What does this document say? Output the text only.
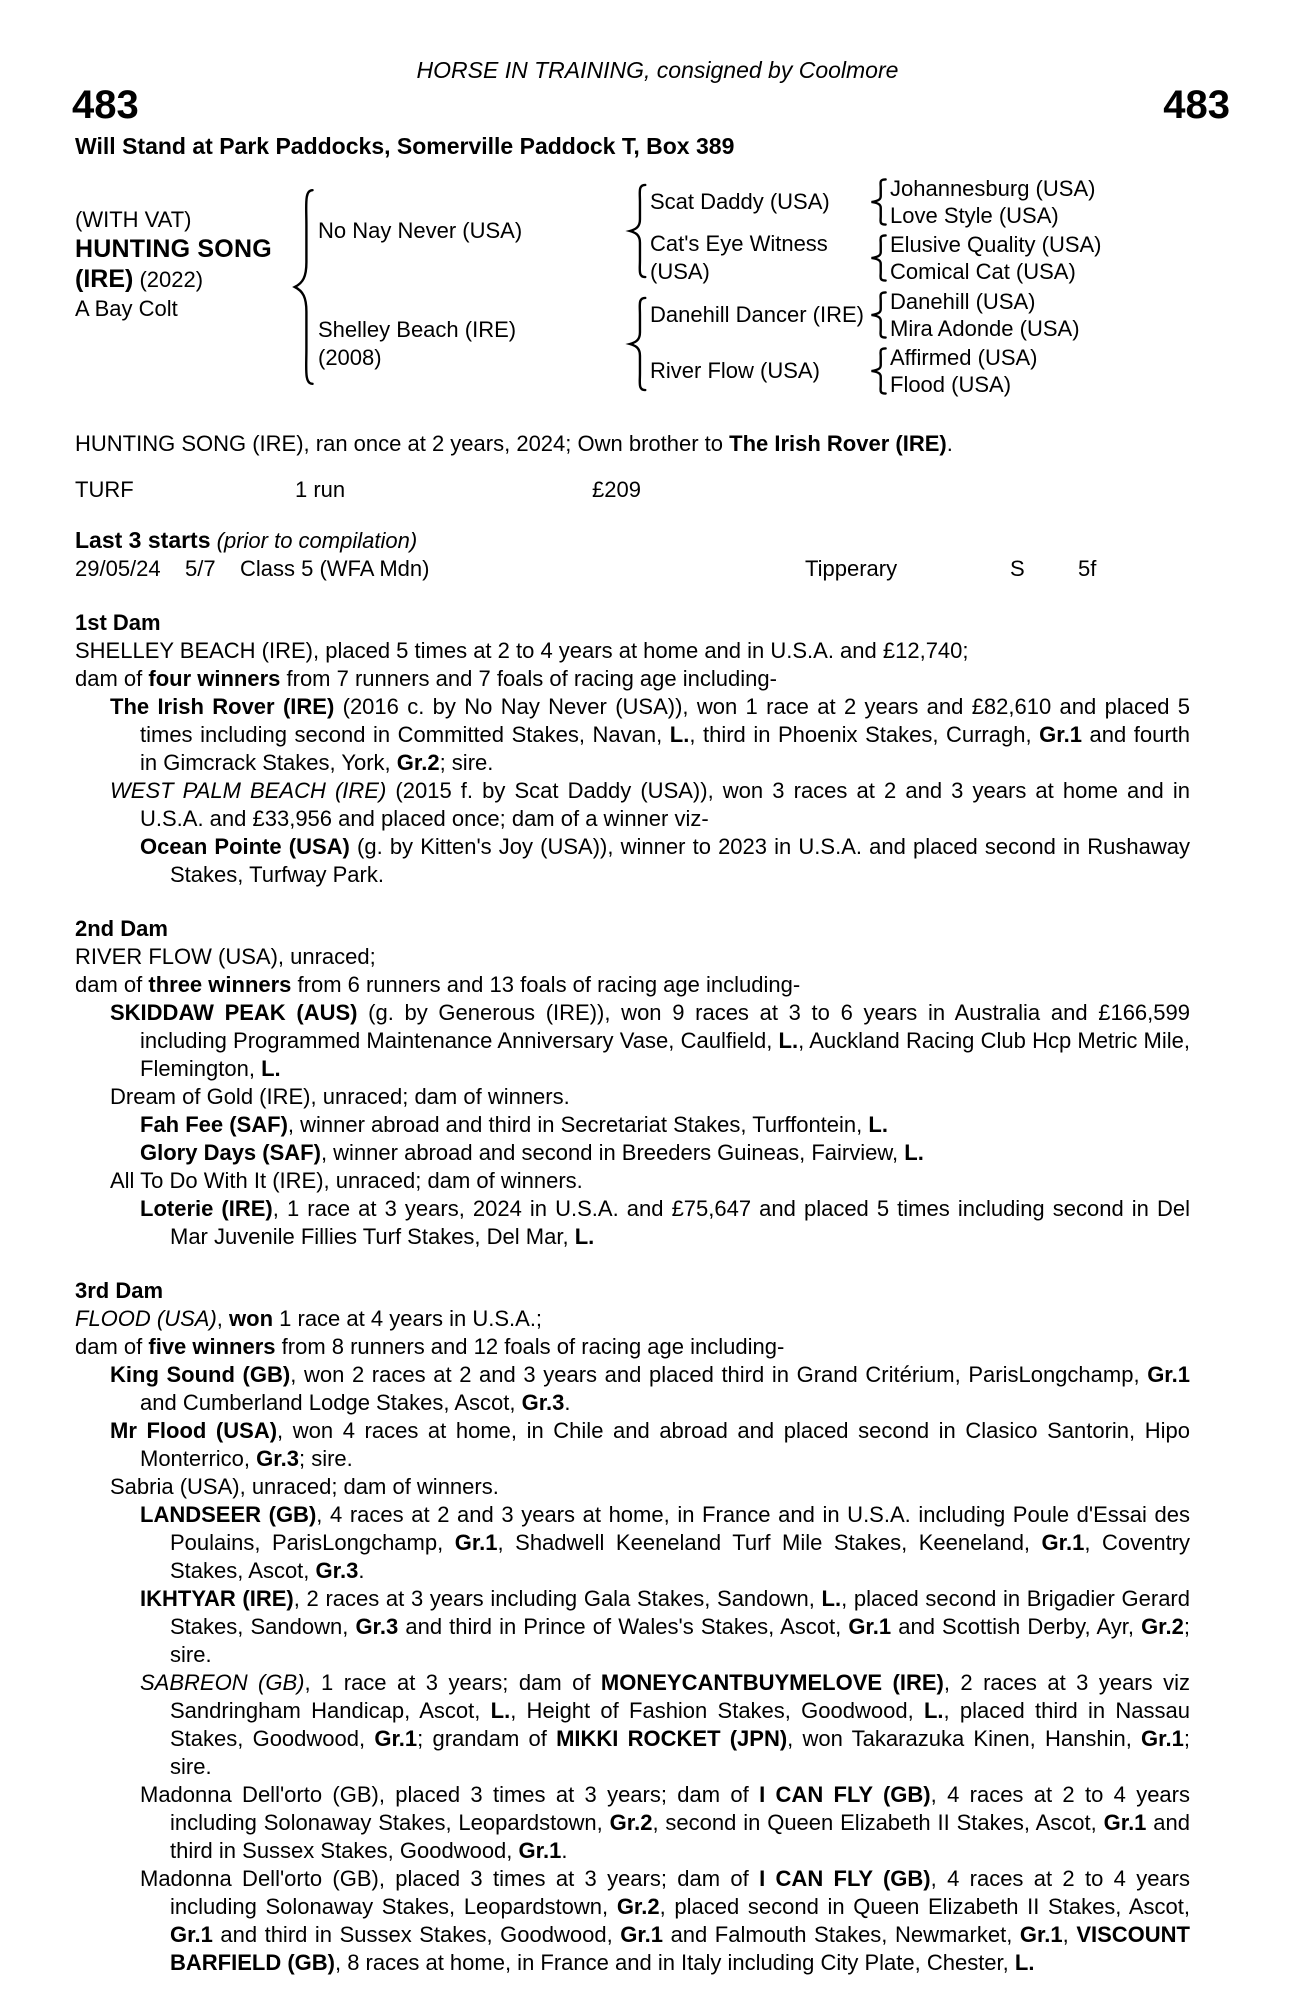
HORSE IN TRAINING, consigned by Coolmore
483	483
Will Stand at Park Paddocks, Somerville Paddock T, Box 389
(WITH VAT)
HUNTING SONG
(IRE) (2022)
A Bay Colt
No Nay Never (USA)
Scat Daddy (USA)
Johannesburg (USA)
Love Style (USA)
Cat's Eye Witness (USA)
Elusive Quality (USA)
Comical Cat (USA)
Shelley Beach (IRE)
(2008)
Danehill Dancer (IRE)
Danehill (USA)
Mira Adonde (USA)
River Flow (USA)
Affirmed (USA)
Flood (USA)

HUNTING SONG (IRE), ran once at 2 years, 2024; Own brother to The Irish Rover (IRE).

TURF	1 run	£209
Last 3 starts (prior to compilation)
29/05/24	5/7	Class 5 (WFA Mdn)	Tipperary	S	5f
1st Dam

SHELLEY BEACH (IRE), placed 5 times at 2 to 4 years at home and in U.S.A. and £12,740;

dam of four winners from 7 runners and 7 foals of racing age including-

The Irish Rover (IRE) (2016 c. by No Nay Never (USA)), won 1 race at 2 years and £82,610 and placed 5 times including second in Committed Stakes, Navan, L., third in Phoenix Stakes, Curragh, Gr.1 and fourth in Gimcrack Stakes, York, Gr.2; sire.

WEST PALM BEACH (IRE) (2015 f. by Scat Daddy (USA)), won 3 races at 2 and 3 years at home and in U.S.A. and £33,956 and placed once; dam of a winner viz-

Ocean Pointe (USA) (g. by Kitten's Joy (USA)), winner to 2023 in U.S.A. and placed second in Rushaway Stakes, Turfway Park.

2nd Dam

RIVER FLOW (USA), unraced;

dam of three winners from 6 runners and 13 foals of racing age including-

SKIDDAW PEAK (AUS) (g. by Generous (IRE)), won 9 races at 3 to 6 years in Australia and £166,599 including Programmed Maintenance Anniversary Vase, Caulfield, L., Auckland Racing Club Hcp Metric Mile, Flemington, L.

Dream of Gold (IRE), unraced; dam of winners.

Fah Fee (SAF), winner abroad and third in Secretariat Stakes, Turffontein, L.

Glory Days (SAF), winner abroad and second in Breeders Guineas, Fairview, L.

All To Do With It (IRE), unraced; dam of winners.

Loterie (IRE), 1 race at 3 years, 2024 in U.S.A. and £75,647 and placed 5 times including second in Del Mar Juvenile Fillies Turf Stakes, Del Mar, L.

3rd Dam

FLOOD (USA), won 1 race at 4 years in U.S.A.;

dam of five winners from 8 runners and 12 foals of racing age including-

King Sound (GB), won 2 races at 2 and 3 years and placed third in Grand Critérium, ParisLongchamp, Gr.1 and Cumberland Lodge Stakes, Ascot, Gr.3.

Mr Flood (USA), won 4 races at home, in Chile and abroad and placed second in Clasico Santorin, Hipo Monterrico, Gr.3; sire.

Sabria (USA), unraced; dam of winners.

LANDSEER (GB), 4 races at 2 and 3 years at home, in France and in U.S.A. including Poule d'Essai des Poulains, ParisLongchamp, Gr.1, Shadwell Keeneland Turf Mile Stakes, Keeneland, Gr.1, Coventry Stakes, Ascot, Gr.3.

IKHTYAR (IRE), 2 races at 3 years including Gala Stakes, Sandown, L., placed second in Brigadier Gerard Stakes, Sandown, Gr.3 and third in Prince of Wales's Stakes, Ascot, Gr.1 and Scottish Derby, Ayr, Gr.2; sire.

SABREON (GB), 1 race at 3 years; dam of MONEYCANTBUYMELOVE (IRE), 2 races at 3 years viz Sandringham Handicap, Ascot, L., Height of Fashion Stakes, Goodwood, L., placed third in Nassau Stakes, Goodwood, Gr.1; grandam of MIKKI ROCKET (JPN), won Takarazuka Kinen, Hanshin, Gr.1; sire.

Madonna Dell'orto (GB), placed 3 times at 3 years; dam of I CAN FLY (GB), 4 races at 2 to 4 years including Solonaway Stakes, Leopardstown, Gr.2, second in Queen Elizabeth II Stakes, Ascot, Gr.1 and third in Sussex Stakes, Goodwood, Gr.1.

Madonna Dell'orto (GB), placed 3 times at 3 years; dam of I CAN FLY (GB), 4 races at 2 to 4 years including Solonaway Stakes, Leopardstown, Gr.2, placed second in Queen Elizabeth II Stakes, Ascot, Gr.1 and third in Sussex Stakes, Goodwood, Gr.1 and Falmouth Stakes, Newmarket, Gr.1, VISCOUNT BARFIELD (GB), 8 races at home, in France and in Italy including City Plate, Chester, L.
